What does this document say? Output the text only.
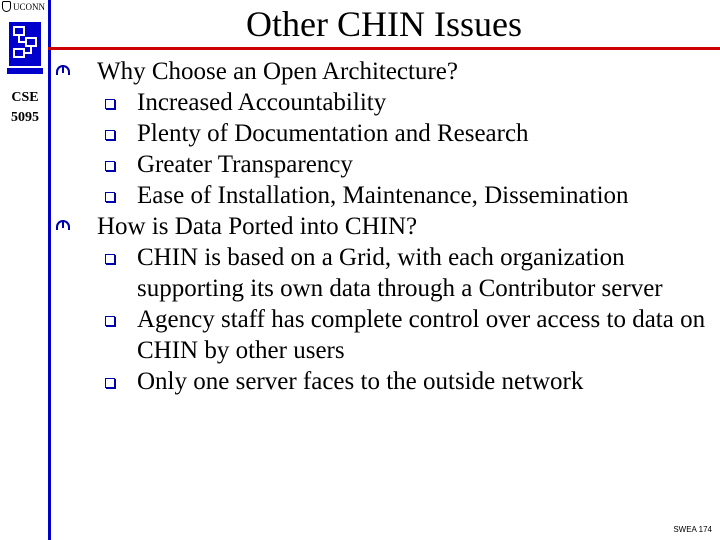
UCONN
CSE
5095
Other CHIN Issues
Why Choose an Open Architecture?
Increased Accountability
Plenty of Documentation and Research
Greater Transparency
Ease of Installation, Maintenance, Dissemination
How is Data Ported into CHIN?
CHIN is based on a Grid, with each organization supporting its own data through a Contributor server
Agency staff has complete control over access to data on CHIN by other users
Only one server faces to the outside network
SWEA 174
